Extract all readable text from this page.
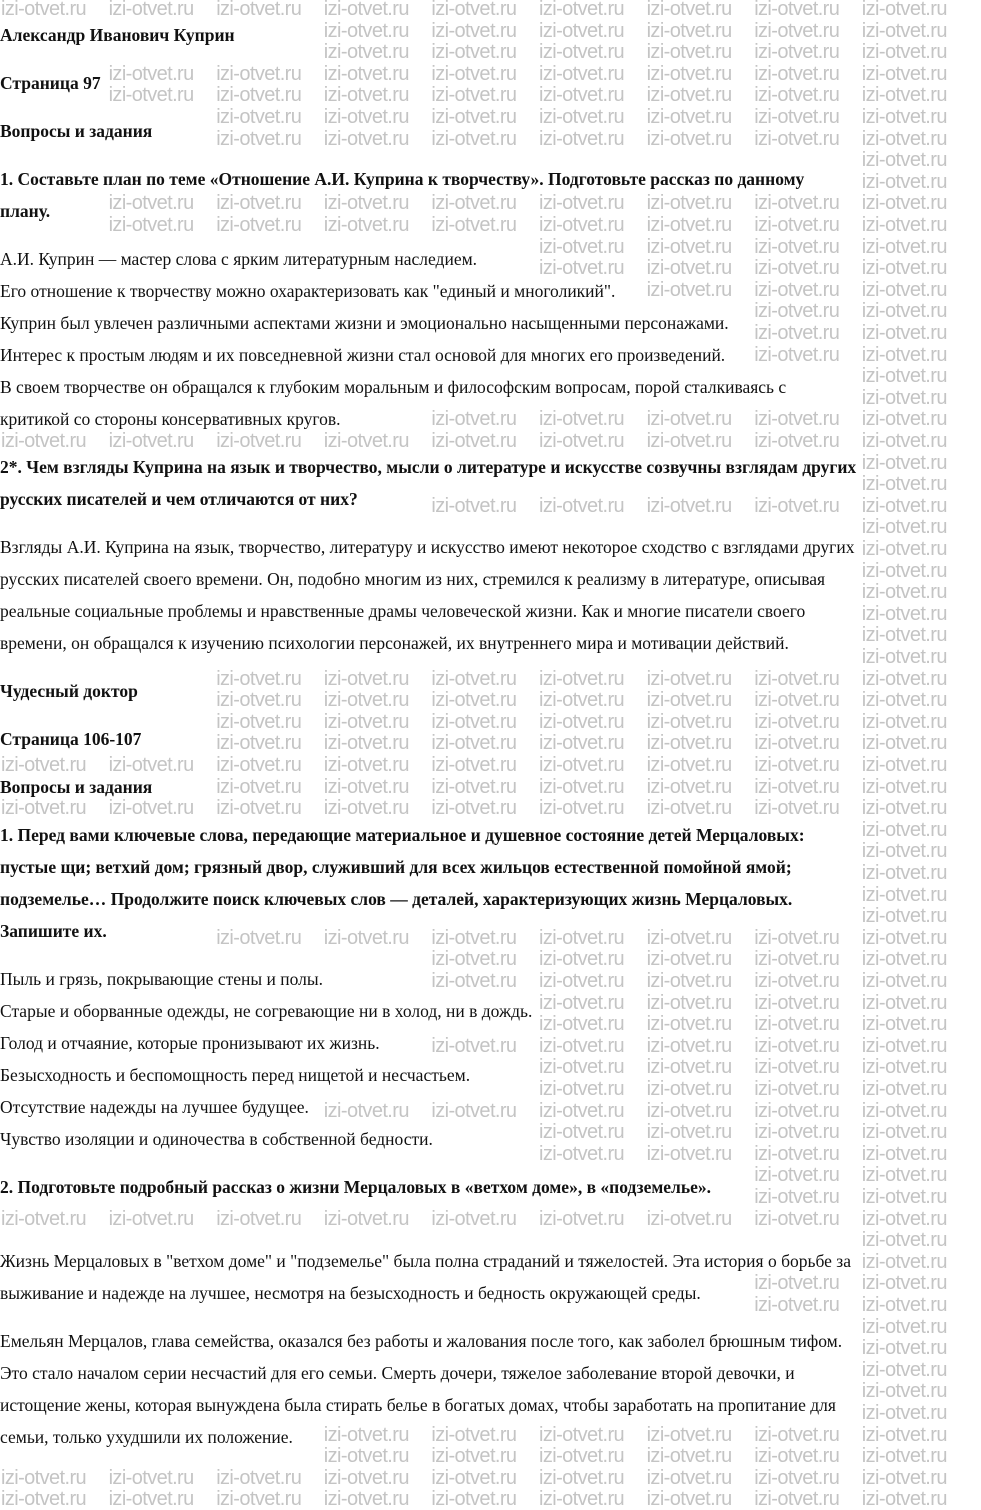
izi-otvet.ru izi-otvet.ru izi-otvet.ru izi-otvet.ru izi-otvet.ru izi-otvet.ru izi-otvet.ru izi-otvet.ru izi-otvet.ru
izi-otvet.ru izi-otvet.ru izi-otvet.ru izi-otvet.ru izi-otvet.ru izi-otvet.ru
izi-otvet.ru izi-otvet.ru izi-otvet.ru izi-otvet.ru izi-otvet.ru izi-otvet.ru
izi-otvet.ru izi-otvet.ru izi-otvet.ru izi-otvet.ru izi-otvet.ru izi-otvet.ru izi-otvet.ru izi-otvet.ru
izi-otvet.ru izi-otvet.ru izi-otvet.ru izi-otvet.ru izi-otvet.ru izi-otvet.ru izi-otvet.ru izi-otvet.ru
izi-otvet.ru izi-otvet.ru izi-otvet.ru izi-otvet.ru izi-otvet.ru izi-otvet.ru izi-otvet.ru
izi-otvet.ru izi-otvet.ru izi-otvet.ru izi-otvet.ru izi-otvet.ru izi-otvet.ru izi-otvet.ru
izi-otvet.ru
izi-otvet.ru
izi-otvet.ru izi-otvet.ru izi-otvet.ru izi-otvet.ru izi-otvet.ru izi-otvet.ru izi-otvet.ru izi-otvet.ru
izi-otvet.ru izi-otvet.ru izi-otvet.ru izi-otvet.ru izi-otvet.ru izi-otvet.ru izi-otvet.ru izi-otvet.ru
izi-otvet.ru izi-otvet.ru izi-otvet.ru izi-otvet.ru
izi-otvet.ru izi-otvet.ru izi-otvet.ru izi-otvet.ru
izi-otvet.ru izi-otvet.ru izi-otvet.ru
izi-otvet.ru izi-otvet.ru
izi-otvet.ru izi-otvet.ru
izi-otvet.ru izi-otvet.ru
izi-otvet.ru
izi-otvet.ru
izi-otvet.ru izi-otvet.ru izi-otvet.ru izi-otvet.ru izi-otvet.ru
izi-otvet.ru izi-otvet.ru izi-otvet.ru izi-otvet.ru izi-otvet.ru izi-otvet.ru izi-otvet.ru izi-otvet.ru izi-otvet.ru
izi-otvet.ru
izi-otvet.ru
izi-otvet.ru izi-otvet.ru izi-otvet.ru izi-otvet.ru izi-otvet.ru
izi-otvet.ru
izi-otvet.ru
izi-otvet.ru
izi-otvet.ru
izi-otvet.ru
izi-otvet.ru
izi-otvet.ru
izi-otvet.ru izi-otvet.ru izi-otvet.ru izi-otvet.ru izi-otvet.ru izi-otvet.ru izi-otvet.ru
izi-otvet.ru izi-otvet.ru izi-otvet.ru izi-otvet.ru izi-otvet.ru izi-otvet.ru izi-otvet.ru
izi-otvet.ru izi-otvet.ru izi-otvet.ru izi-otvet.ru izi-otvet.ru izi-otvet.ru izi-otvet.ru
izi-otvet.ru izi-otvet.ru izi-otvet.ru izi-otvet.ru izi-otvet.ru izi-otvet.ru izi-otvet.ru
izi-otvet.ru izi-otvet.ru izi-otvet.ru izi-otvet.ru izi-otvet.ru izi-otvet.ru izi-otvet.ru izi-otvet.ru izi-otvet.ru
izi-otvet.ru izi-otvet.ru izi-otvet.ru izi-otvet.ru izi-otvet.ru izi-otvet.ru izi-otvet.ru
izi-otvet.ru izi-otvet.ru izi-otvet.ru izi-otvet.ru izi-otvet.ru izi-otvet.ru izi-otvet.ru izi-otvet.ru izi-otvet.ru
izi-otvet.ru
izi-otvet.ru
izi-otvet.ru
izi-otvet.ru
izi-otvet.ru
izi-otvet.ru izi-otvet.ru izi-otvet.ru izi-otvet.ru izi-otvet.ru izi-otvet.ru izi-otvet.ru
izi-otvet.ru izi-otvet.ru izi-otvet.ru izi-otvet.ru izi-otvet.ru
izi-otvet.ru izi-otvet.ru izi-otvet.ru izi-otvet.ru izi-otvet.ru
izi-otvet.ru izi-otvet.ru izi-otvet.ru izi-otvet.ru
izi-otvet.ru izi-otvet.ru izi-otvet.ru izi-otvet.ru
izi-otvet.ru izi-otvet.ru izi-otvet.ru izi-otvet.ru izi-otvet.ru
izi-otvet.ru izi-otvet.ru izi-otvet.ru izi-otvet.ru
izi-otvet.ru izi-otvet.ru izi-otvet.ru izi-otvet.ru
izi-otvet.ru izi-otvet.ru izi-otvet.ru izi-otvet.ru izi-otvet.ru izi-otvet.ru
izi-otvet.ru izi-otvet.ru izi-otvet.ru izi-otvet.ru
izi-otvet.ru izi-otvet.ru izi-otvet.ru izi-otvet.ru
izi-otvet.ru izi-otvet.ru
izi-otvet.ru izi-otvet.ru
izi-otvet.ru izi-otvet.ru izi-otvet.ru izi-otvet.ru izi-otvet.ru izi-otvet.ru izi-otvet.ru izi-otvet.ru izi-otvet.ru
izi-otvet.ru
izi-otvet.ru
izi-otvet.ru izi-otvet.ru
izi-otvet.ru izi-otvet.ru
izi-otvet.ru
izi-otvet.ru
izi-otvet.ru
izi-otvet.ru
izi-otvet.ru
izi-otvet.ru izi-otvet.ru izi-otvet.ru izi-otvet.ru izi-otvet.ru izi-otvet.ru
izi-otvet.ru izi-otvet.ru izi-otvet.ru izi-otvet.ru izi-otvet.ru izi-otvet.ru
izi-otvet.ru izi-otvet.ru izi-otvet.ru izi-otvet.ru izi-otvet.ru izi-otvet.ru izi-otvet.ru izi-otvet.ru izi-otvet.ru
izi-otvet.ru izi-otvet.ru izi-otvet.ru izi-otvet.ru izi-otvet.ru izi-otvet.ru izi-otvet.ru izi-otvet.ru izi-otvet.ru
Александр Иванович Куприн
Страница 97
Вопросы и задания
1. Составьте план по теме «Отношение А.И. Куприна к творчеству». Подготовьте рассказ по данному
плану.
А.И. Куприн — мастер слова с ярким литературным наследием.
Его отношение к творчеству можно охарактеризовать как "единый и многоликий".
Куприн был увлечен различными аспектами жизни и эмоционально насыщенными персонажами.
Интерес к простым людям и их повседневной жизни стал основой для многих его произведений.
В своем творчестве он обращался к глубоким моральным и философским вопросам, порой сталкиваясь с
критикой со стороны консервативных кругов.
2*. Чем взгляды Куприна на язык и творчество, мысли о литературе и искусстве созвучны взглядам других
русских писателей и чем отличаются от них?
Взгляды А.И. Куприна на язык, творчество, литературу и искусство имеют некоторое сходство с взглядами других
русских писателей своего времени. Он, подобно многим из них, стремился к реализму в литературе, описывая
реальные социальные проблемы и нравственные драмы человеческой жизни. Как и многие писатели своего
времени, он обращался к изучению психологии персонажей, их внутреннего мира и мотивации действий.
Чудесный доктор
Страница 106-107
Вопросы и задания
1. Перед вами ключевые слова, передающие материальное и душевное состояние детей Мерцаловых:
пустые щи; ветхий дом; грязный двор, служивший для всех жильцов естественной помойной ямой;
подземелье… Продолжите поиск ключевых слов — деталей, характеризующих жизнь Мерцаловых.
Запишите их.
Пыль и грязь, покрывающие стены и полы.
Старые и оборванные одежды, не согревающие ни в холод, ни в дождь.
Голод и отчаяние, которые пронизывают их жизнь.
Безысходность и беспомощность перед нищетой и несчастьем.
Отсутствие надежды на лучшее будущее.
Чувство изоляции и одиночества в собственной бедности.
2. Подготовьте подробный рассказ о жизни Мерцаловых в «ветхом доме», в «подземелье».
Жизнь Мерцаловых в "ветхом доме" и "подземелье" была полна страданий и тяжелостей. Эта история о борьбе за
выживание и надежде на лучшее, несмотря на безысходность и бедность окружающей среды.
Емельян Мерцалов, глава семейства, оказался без работы и жалования после того, как заболел брюшным тифом.
Это стало началом серии несчастий для его семьи. Смерть дочери, тяжелое заболевание второй девочки, и
истощение жены, которая вынуждена была стирать белье в богатых домах, чтобы заработать на пропитание для
семьи, только ухудшили их положение.
